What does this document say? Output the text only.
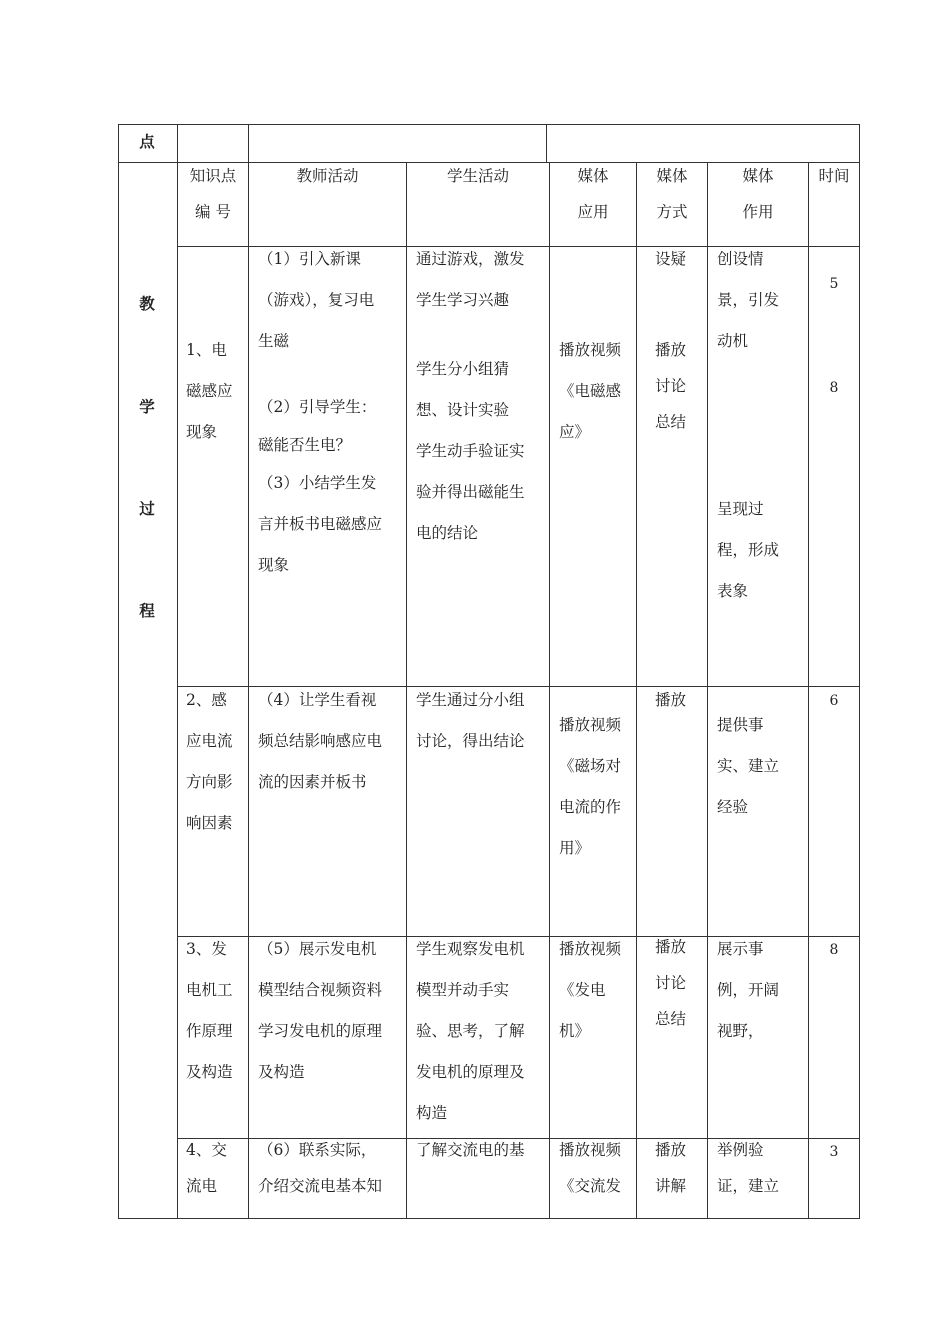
点
教
学
过
程
知识点
编 号
教师活动	学生活动	媒体
应用
媒体
方式
媒体
作用
时间
1、电
磁感应
现象
（1）引入新课
（游戏），复习电
生磁
（2）引导学生：
磁能否生电？
（3）小结学生发
言并板书电磁感应
现象
通过游戏，激发
学生学习兴趣
学生分小组猜
想、设计实验
学生动手验证实
验并得出磁能生
电的结论
播放视频
《电磁感
应》
设疑
播放
讨论
总结
创设情
景，引发
动机
呈现过
程，形成
表象
5
8
2、感
应电流
方向影
响因素
（4）让学生看视
频总结影响感应电
流的因素并板书
学生通过分小组
讨论，得出结论
播放视频
《磁场对
电流的作
用》
播放
提供事
实、建立
经验
6
3、发
电机工
作原理
及构造
（5）展示发电机
模型结合视频资料
学习发电机的原理
及构造
学生观察发电机
模型并动手实
验、思考，了解
发电机的原理及
构造
播放视频
《发电
机》
播放
讨论
总结
展示事
例，开阔
视野，
8
4、交
流电
（6）联系实际，
介绍交流电基本知
了解交流电的基 播放视频
《交流发
播放
讲解
举例验
证，建立
3
